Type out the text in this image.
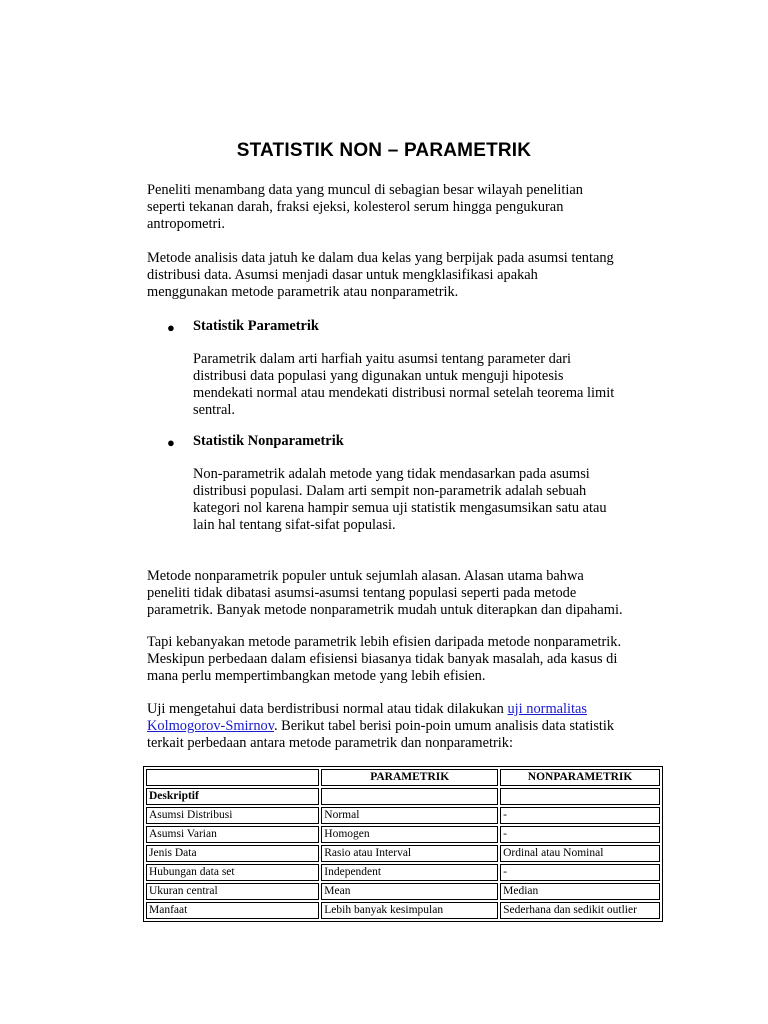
STATISTIK NON – PARAMETRIK

Peneliti menambang data yang muncul di sebagian besar wilayah penelitian
seperti tekanan darah, fraksi ejeksi, kolesterol serum hingga pengukuran
antropometri.

Metode analisis data jatuh ke dalam dua kelas yang berpijak pada asumsi tentang
distribusi data. Asumsi menjadi dasar untuk mengklasifikasi apakah
menggunakan metode parametrik atau nonparametrik.

● Statistik Parametrik

Parametrik dalam arti harfiah yaitu asumsi tentang parameter dari
distribusi data populasi yang digunakan untuk menguji hipotesis
mendekati normal atau mendekati distribusi normal setelah teorema limit
sentral.

● Statistik Nonparametrik

Non-parametrik adalah metode yang tidak mendasarkan pada asumsi
distribusi populasi. Dalam arti sempit non-parametrik adalah sebuah
kategori nol karena hampir semua uji statistik mengasumsikan satu atau
lain hal tentang sifat-sifat populasi.

Metode nonparametrik populer untuk sejumlah alasan. Alasan utama bahwa
peneliti tidak dibatasi asumsi-asumsi tentang populasi seperti pada metode
parametrik. Banyak metode nonparametrik mudah untuk diterapkan dan dipahami.

Tapi kebanyakan metode parametrik lebih efisien daripada metode nonparametrik.
Meskipun perbedaan dalam efisiensi biasanya tidak banyak masalah, ada kasus di
mana perlu mempertimbangkan metode yang lebih efisien.

Uji mengetahui data berdistribusi normal atau tidak dilakukan uji normalitas
Kolmogorov-Smirnov. Berikut tabel berisi poin-poin umum analisis data statistik
terkait perbedaan antara metode parametrik dan nonparametrik:

	PARAMETRIK	NONPARAMETRIK
Deskriptif		
Asumsi Distribusi	Normal	-
Asumsi Varian	Homogen	-
Jenis Data	Rasio atau Interval	Ordinal atau Nominal
Hubungan data set	Independent	-
Ukuran central	Mean	Median
Manfaat	Lebih banyak kesimpulan	Sederhana dan sedikit outlier
